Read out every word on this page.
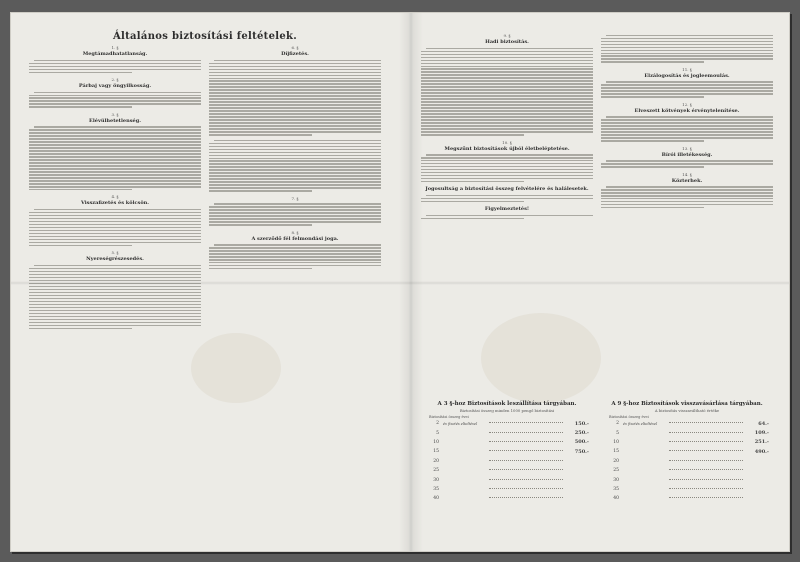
Általános biztosítási feltételek.
1. §
Megtámadhatatlanság.
2. §
Párbaj vagy öngyilkosság.
3. §
Elévülhetetlenség.
4. §
Visszafizetés és kölcsön.
5. §
Nyereségrészesedés.
6. §
Díjfizetés.
7. §
8. §
A szerződő fél felmondási joga.
9. §
Hadi biztosítás.
10. §
Megszűnt biztosítások újból életbeléptetése.
Jogosultság a biztosítási összeg felvételére és halálesetek.
Figyelmeztetés!
11. §
Elzálogosítás és jogleemoulás.
12. §
Elveszett kötvények érvénytelenítése.
13. §
Bírói illetékesség.
14. §
Közterhek.
A 3 §-hoz Biztosítások leszállítása tárgyában.
Biztosítási összeg minden 1000 pengő biztosítási
Biztosítási összeg évei
2	év fizetés elteltével	150.-
5	250.-
10	500.-
15	750.-
20
25
30
35
40
A 9 §-hoz Biztosítások visszavásárlása tárgyában.
A biztosítás visszaváltható értéke
Biztosítási összeg évei
2	év fizetés elteltével	64.-
5	109.-
10	251.-
15	490.-
20
25
30
35
40
